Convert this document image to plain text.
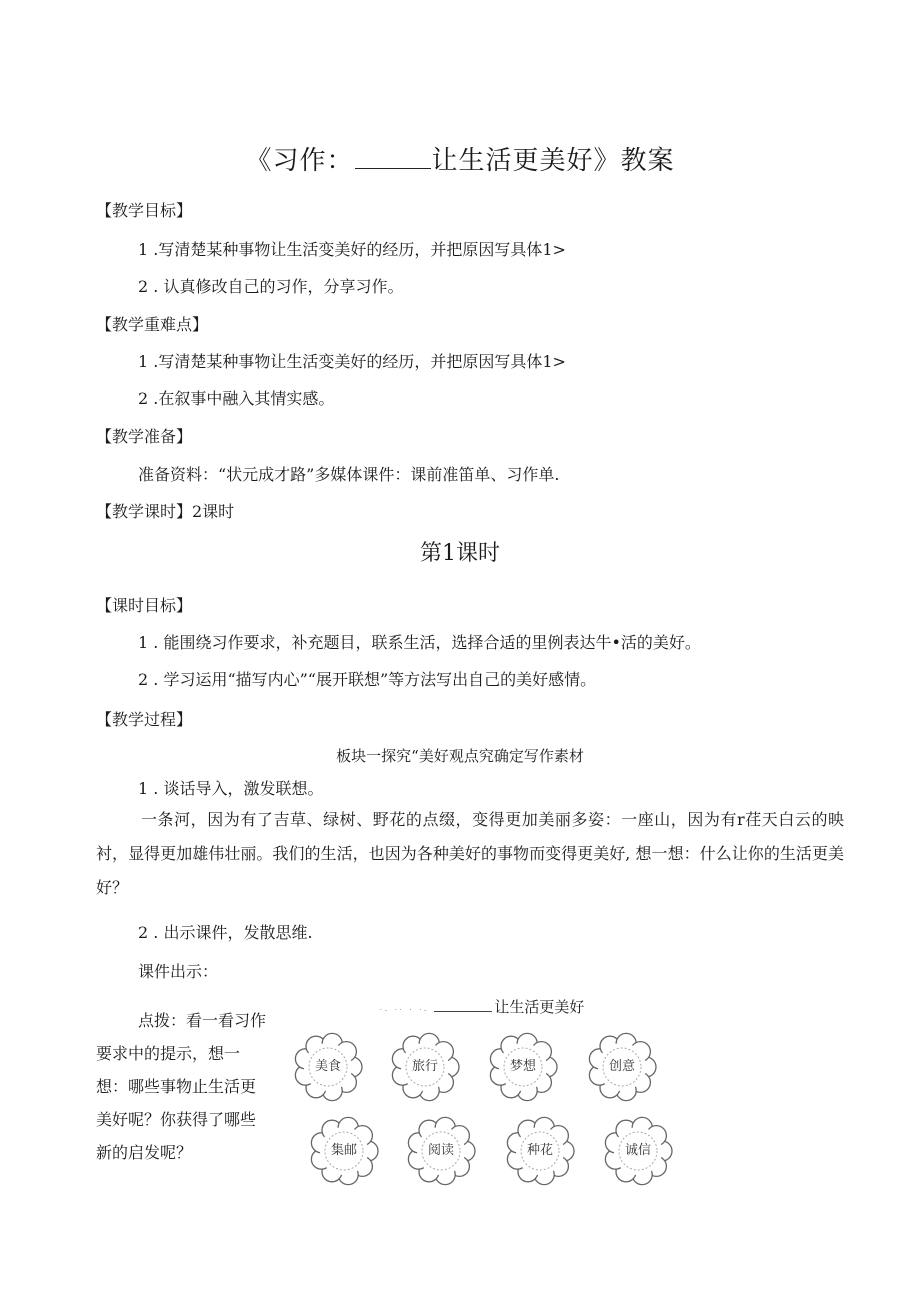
《习作：	让生活更美好》教案
【教学目标】
1 .写清楚某种事物让生活变美好的经历，并把原因写具体1>
2 . 认真修改自己的习作，分享习作。
【教学重难点】
1 .写清楚某种事物让生活变美好的经历，并把原因写具体1>
2 .在叙事中融入其情实感。
【教学准备】
准备资料：“状元成才路”多媒体课件：课前准笛单、习作单.
【教学课时】2课时
第1课时
【课时目标】
1 . 能围绕习作要求，补充题目，联系生活，选择合适的里例表达牛•活的美好。
2 . 学习运用“描写内心”“展开联想”等方法写出自己的美好感情。
【教学过程】
板块一探究“美好观点究确定写作素材
1 . 谈话导入，激发联想。
一条河，因为有了吉草、绿树、野花的点缀，变得更加美丽多姿：一座山，因为有r荏天白云的映衬，显得更加雄伟壮丽。我们的生活，也因为各种美好的事物而变得更美好, 想一想：什么让你的生活更美好？
2 . 出示课件，发散思维.
课件出示：
点拨：看一看习作要求中的提示，想一想：哪些事物止生活更美好呢？你获得了哪些新的启发呢？
·- ·· · ·-	让生活更美好
美食	旅行	梦想	创意
集邮	阅读	种花	诚信
